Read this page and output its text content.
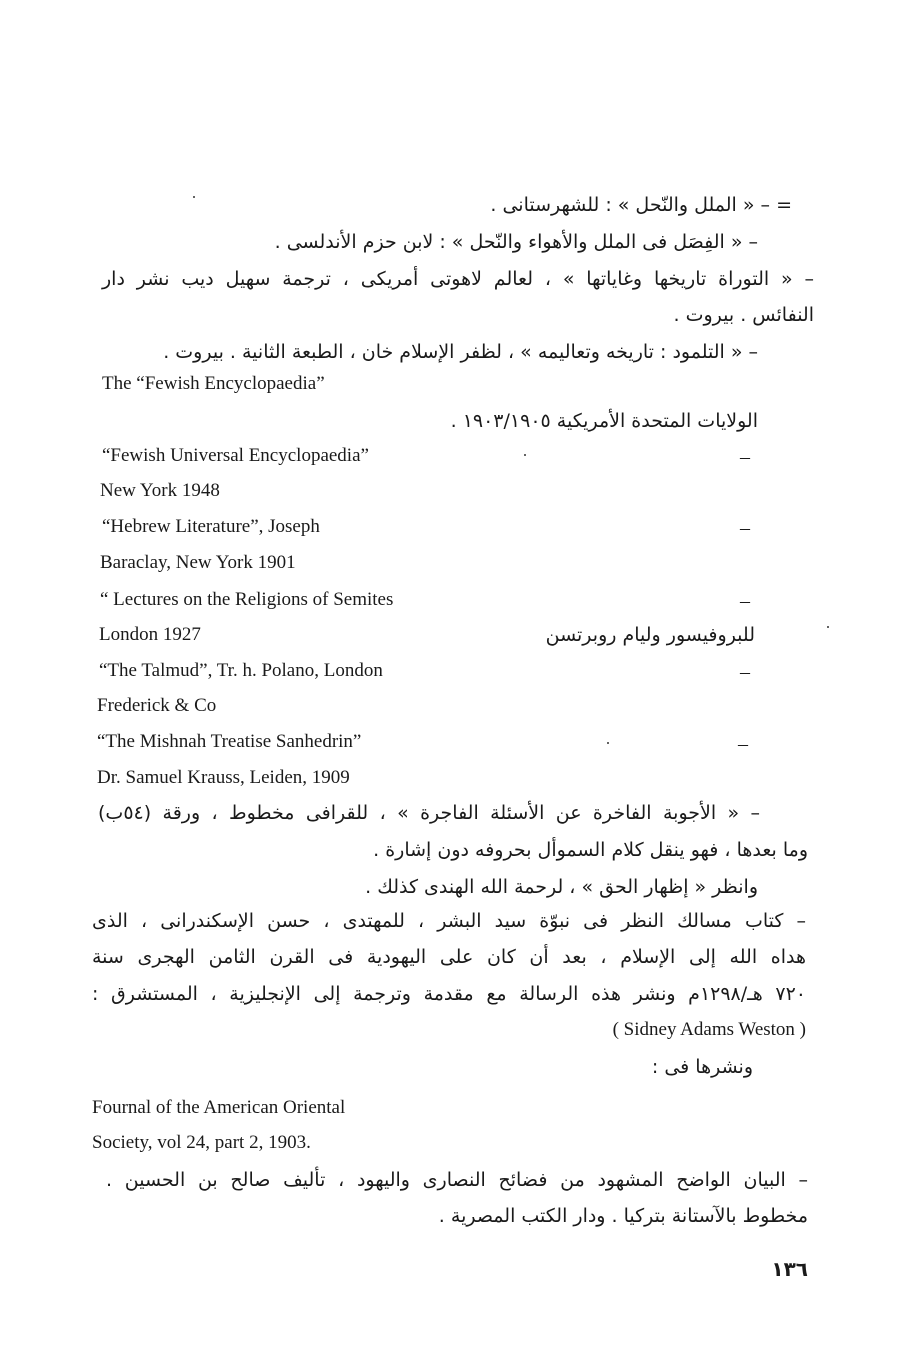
= – « الملل والنّحل » : للشهرستانى .
– « الفِصَل فى الملل والأهواء والنّحل » : لابن حزم الأندلسى .
– « التوراة تاريخها وغاياتها » ، لعالم لاهوتى أمريكى ، ترجمة سهيل ديب نشر دار
النفائس . بيروت .
– « التلمود : تاريخه وتعاليمه » ، لظفر الإسلام خان ، الطبعة الثانية . بيروت .
The “Fewish Encyclopaedia”
الولايات المتحدة الأمريكية ١٩٠٣/١٩٠٥ .
“Fewish Universal Encyclopaedia”	–
New York 1948
“Hebrew Literature”, Joseph	–
Baraclay, New York 1901
“ Lectures on the Religions of Semites	–
London 1927	للبروفيسور وليام روبرتسن
“The Talmud”, Tr. h. Polano, London	–
Frederick & Co
“The Mishnah Treatise Sanhedrin”	–
Dr. Samuel Krauss, Leiden, 1909
– « الأجوبة الفاخرة عن الأسئلة الفاجرة » ، للقرافى مخطوط ، ورقة (٥٤ب)
وما بعدها ، فهو ينقل كلام السموأل بحروفه دون إشارة .
وانظر « إظهار الحق » ، لرحمة الله الهندى كذلك .
– كتاب مسالك النظر فى نبوّة سيد البشر ، للمهتدى ، حسن الإسكندرانى ، الذى
هداه الله إلى الإسلام ، بعد أن كان على اليهودية فى القرن الثامن الهجرى سنة
٧٢٠ هـ/١٢٩٨م ونشر هذه الرسالة مع مقدمة وترجمة إلى الإنجليزية ، المستشرق :
( Sidney Adams Weston )
ونشرها فى :
Fournal of the American Oriental
Society, vol 24, part 2, 1903.
– البيان الواضح المشهود من فضائح النصارى واليهود ، تأليف صالح بن الحسين .
مخطوط بالآستانة بتركيا . ودار الكتب المصرية .
١٣٦
